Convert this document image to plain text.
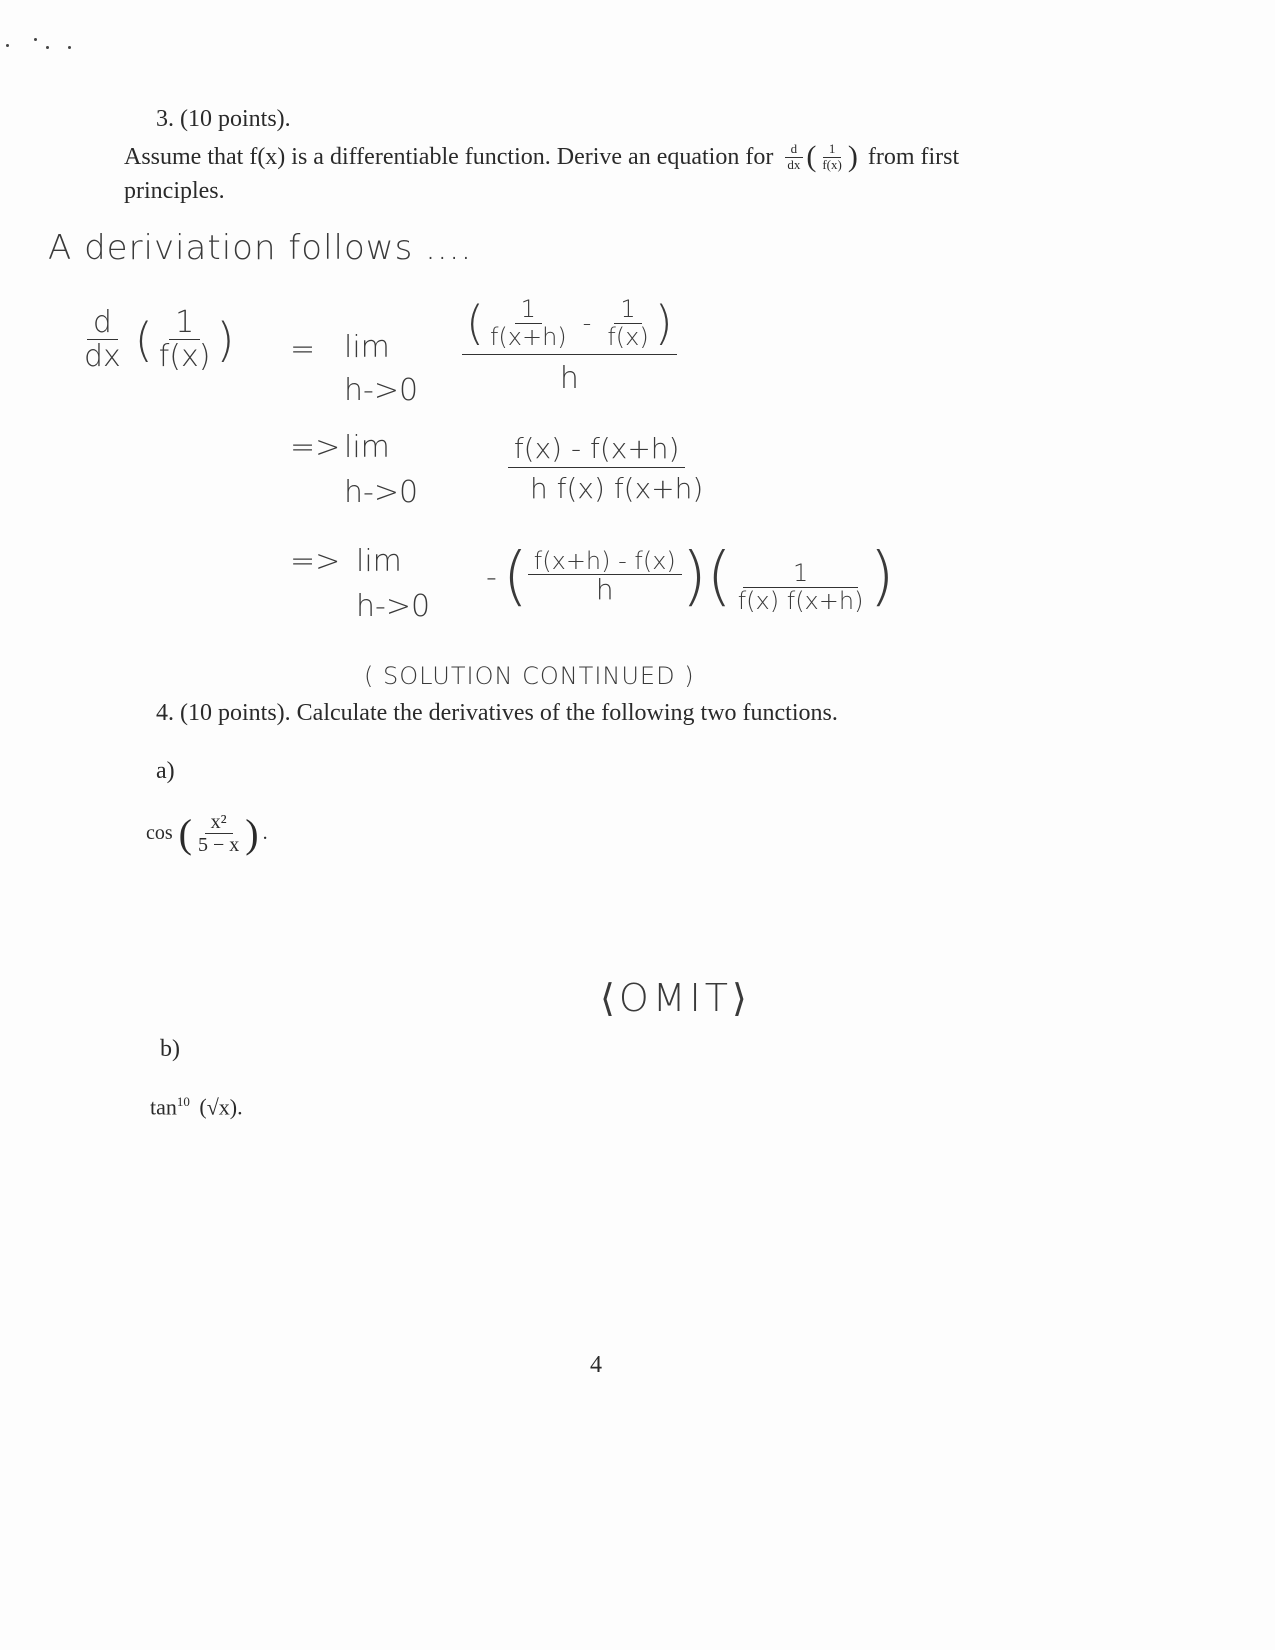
3. (10 points).
Assume that f(x) is a differentiable function. Derive an equation for $\frac{d}{dx}$ ( $\frac{1}{f(x)}$ ) from first
principles.
A deriviation follows ....
$\frac{d}{dx}$ ( $\frac{1}{f(x)}$ ) = lim
h->0
( $\frac{1}{f(x+h)} - \frac{1}{f(x)}$ )
h
=> lim
h->0
f(x) - f(x+h)
h f(x) f(x+h)
=> lim
h->0
- ( $\frac{f(x+h) - f(x)}{h}$ ) ( $\frac{1}{f(x) f(x+h)}$ )
( SOLUTION CONTINUED )
4. (10 points). Calculate the derivatives of the following two functions.
a)
cos ( $\frac{\text{x²}}{5 - x}$ ) .
⟨OMIT⟩
b)
$\tan^{10} (√x)$.
4
